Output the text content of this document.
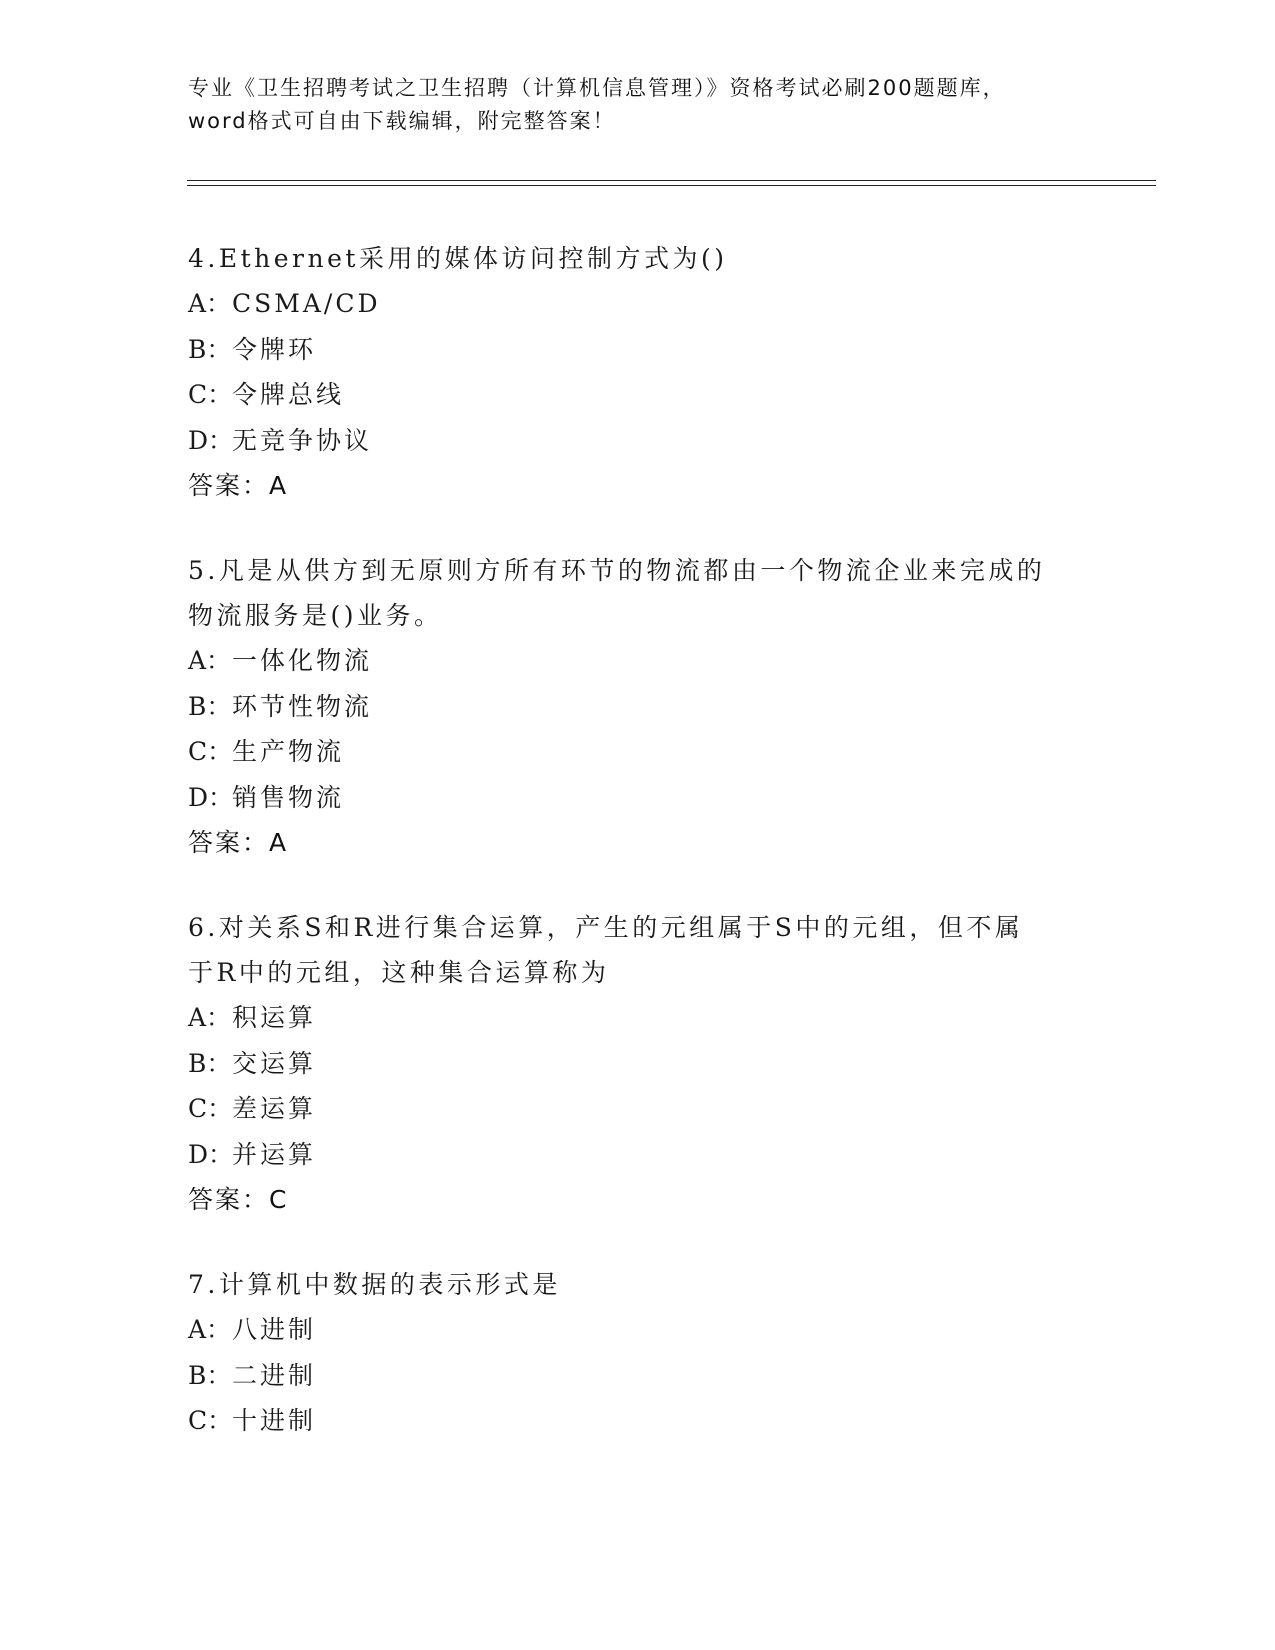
专业《卫生招聘考试之卫生招聘（计算机信息管理）》资格考试必刷200题题库，
word格式可自由下载编辑，附完整答案！
4.Ethernet采用的媒体访问控制方式为()
A：CSMA/CD
B：令牌环
C：令牌总线
D：无竞争协议
答案：A
5.凡是从供方到无原则方所有环节的物流都由一个物流企业来完成的
物流服务是()业务。
A：一体化物流
B：环节性物流
C：生产物流
D：销售物流
答案：A
6.对关系S和R进行集合运算，产生的元组属于S中的元组，但不属
于R中的元组，这种集合运算称为
A：积运算
B：交运算
C：差运算
D：并运算
答案：C
7.计算机中数据的表示形式是
A：八进制
B：二进制
C：十进制
